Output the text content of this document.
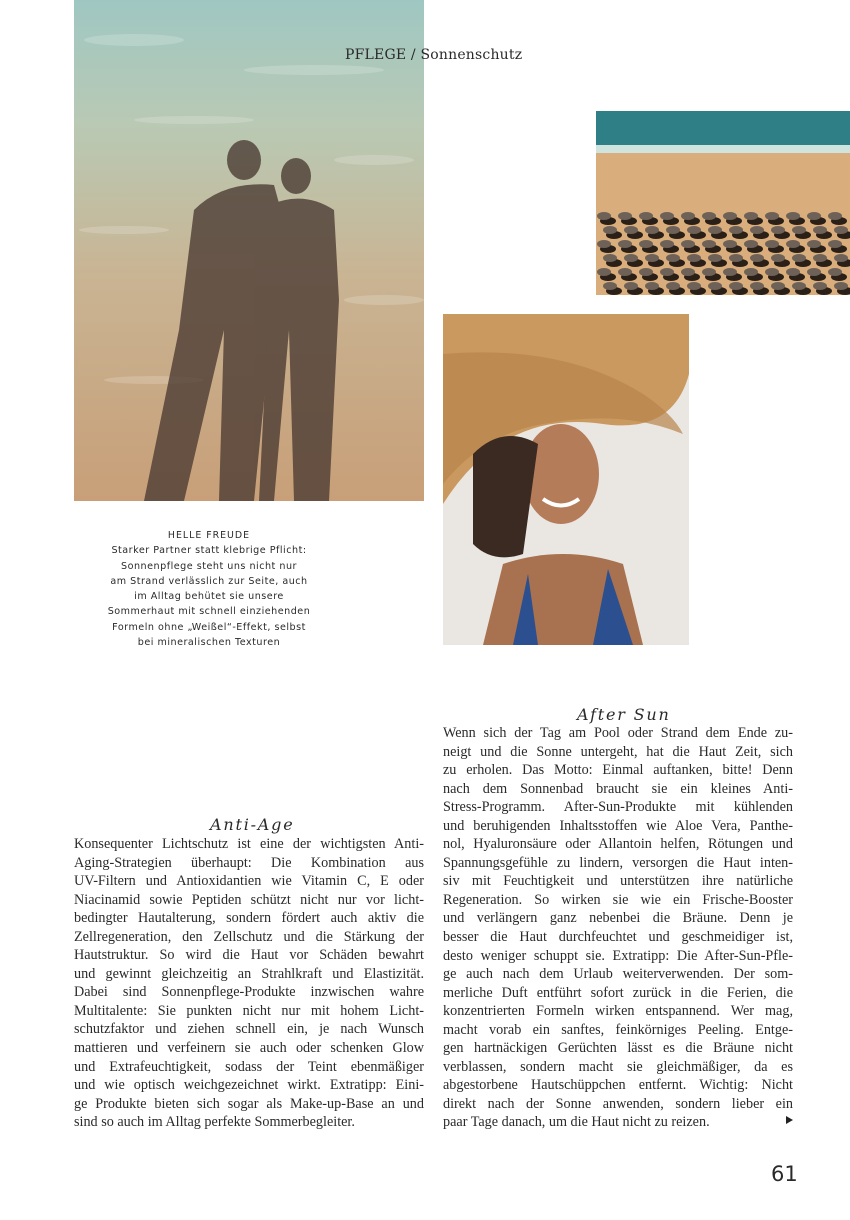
PFLEGE / Sonnenschutz
HELLE FREUDE
Starker Partner statt klebrige Pflicht:
Sonnenpflege steht uns nicht nur
am Strand verlässlich zur Seite, auch
im Alltag behütet sie unsere
Sommerhaut mit schnell einziehenden
Formeln ohne „Weißel“-Effekt, selbst
bei mineralischen Texturen
After Sun
Wenn sich der Tag am Pool oder Strand dem Ende zu-
neigt und die Sonne untergeht, hat die Haut Zeit, sich
zu erholen. Das Motto: Einmal auftanken, bitte! Denn
nach dem Sonnenbad braucht sie ein kleines Anti-
Stress-Programm. After-Sun-Produkte mit kühlenden
und beruhigenden Inhaltsstoffen wie Aloe Vera, Panthe-
nol, Hyaluronsäure oder Allantoin helfen, Rötungen und
Spannungsgefühle zu lindern, versorgen die Haut inten-
siv mit Feuchtigkeit und unterstützen ihre natürliche
Regeneration. So wirken sie wie ein Frische-Booster
und verlängern ganz nebenbei die Bräune. Denn je
besser die Haut durchfeuchtet und geschmeidiger ist,
desto weniger schuppt sie. Extratipp: Die After-Sun-Pfle-
ge auch nach dem Urlaub weiterverwenden. Der som-
merliche Duft entführt sofort zurück in die Ferien, die
konzentrierten Formeln wirken entspannend. Wer mag,
macht vorab ein sanftes, feinkörniges Peeling. Entge-
gen hartnäckigen Gerüchten lässt es die Bräune nicht
verblassen, sondern macht sie gleichmäßiger, da es
abgestorbene Hautschüppchen entfernt. Wichtig: Nicht
direkt nach der Sonne anwenden, sondern lieber ein
paar Tage danach, um die Haut nicht zu reizen.
Anti-Age
Konsequenter Lichtschutz ist eine der wichtigsten Anti-
Aging-Strategien überhaupt: Die Kombination aus
UV-Filtern und Antioxidantien wie Vitamin C, E oder
Niacinamid sowie Peptiden schützt nicht nur vor licht-
bedingter Hautalterung, sondern fördert auch aktiv die
Zellregeneration, den Zellschutz und die Stärkung der
Hautstruktur. So wird die Haut vor Schäden bewahrt
und gewinnt gleichzeitig an Strahlkraft und Elastizität.
Dabei sind Sonnenpflege-Produkte inzwischen wahre
Multitalente: Sie punkten nicht nur mit hohem Licht-
schutzfaktor und ziehen schnell ein, je nach Wunsch
mattieren und verfeinern sie auch oder schenken Glow
und Extrafeuchtigkeit, sodass der Teint ebenmäßiger
und wie optisch weichgezeichnet wirkt. Extratipp: Eini-
ge Produkte bieten sich sogar als Make-up-Base an und
sind so auch im Alltag perfekte Sommerbegleiter.
61
